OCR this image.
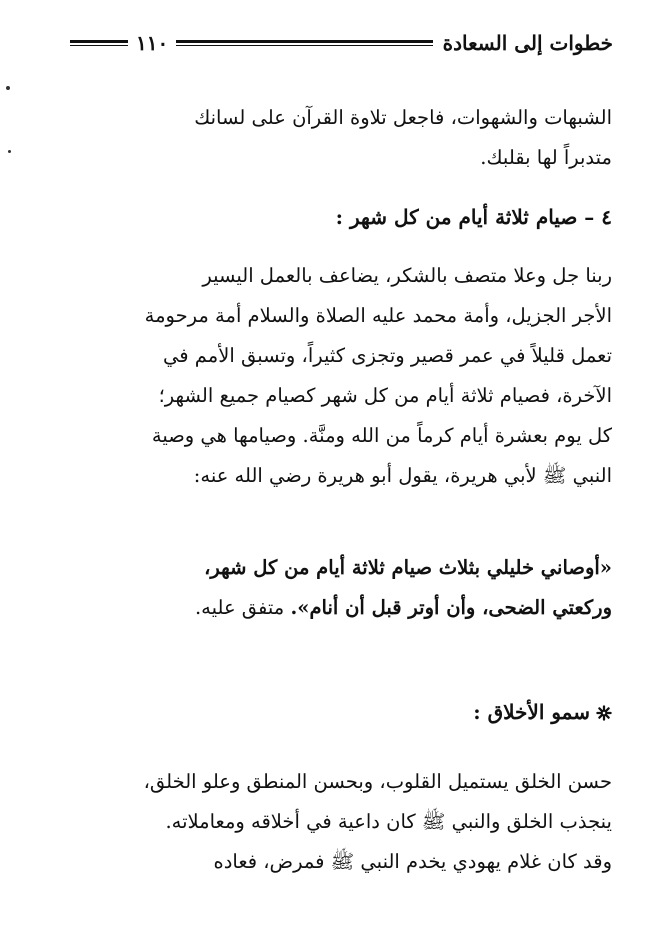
خطوات إلى السعادة
١١٠
الشبهات والشهوات، فاجعل تلاوة القرآن على لسانك
متدبراً لها بقلبك.
٤ – صيام ثلاثة أيام من كل شهر :
ربنا جل وعلا متصف بالشكر، يضاعف بالعمل اليسير
الأجر الجزيل، وأمة محمد عليه الصلاة والسلام أمة مرحومة
تعمل قليلاً في عمر قصير وتجزى كثيراً، وتسبق الأمم في
الآخرة، فصيام ثلاثة أيام من كل شهر كصيام جميع الشهر؛
كل يوم بعشرة أيام كرماً من الله ومنَّة. وصيامها هي وصية
النبي ﷺ لأبي هريرة، يقول أبو هريرة رضي الله عنه:
«أوصاني خليلي بثلاث صيام ثلاثة أيام من كل شهر،
وركعتي الضحى، وأن أوتر قبل أن أنام». متفق عليه.
سمو الأخلاق :
حسن الخلق يستميل القلوب، وبحسن المنطق وعلو الخلق،
ينجذب الخلق والنبي ﷺ كان داعية في أخلاقه ومعاملاته.
وقد كان غلام يهودي يخدم النبي ﷺ فمرض، فعاده
